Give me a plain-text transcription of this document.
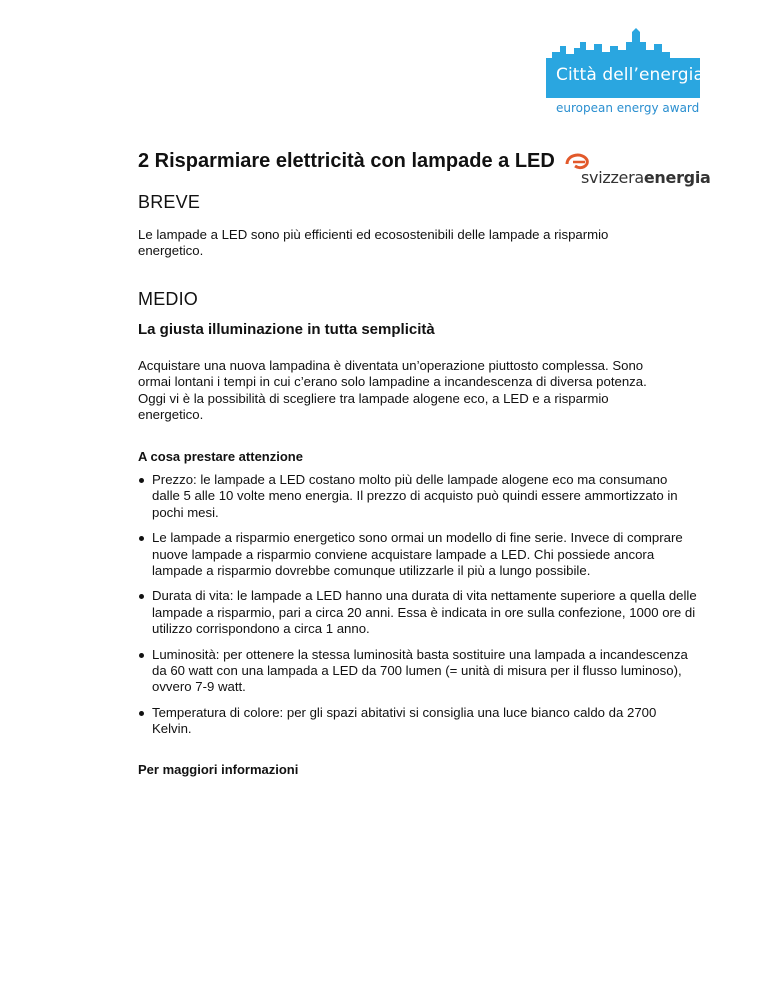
Città dell’energia
european energy award
svizzeraenergia
2 Risparmiare elettricità con lampade a LED
BREVE

Le lampade a LED sono più efficienti ed ecosostenibili delle lampade a risparmio energetico.

MEDIO
La giusta illuminazione in tutta semplicità

Acquistare una nuova lampadina è diventata un’operazione piuttosto complessa. Sono ormai lontani i tempi in cui c’erano solo lampadine a incandescenza di diversa potenza. Oggi vi è la possibilità di scegliere tra lampade alogene eco, a LED e a risparmio energetico.

A cosa prestare attenzione
Prezzo: le lampade a LED costano molto più delle lampade alogene eco ma consumano dalle 5 alle 10 volte meno energia. Il prezzo di acquisto può quindi essere ammortizzato in pochi mesi.
Le lampade a risparmio energetico sono ormai un modello di fine serie. Invece di comprare nuove lampade a risparmio conviene acquistare lampade a LED. Chi possiede ancora lampade a risparmio dovrebbe comunque utilizzarle il più a lungo possibile.
Durata di vita: le lampade a LED hanno una durata di vita nettamente superiore a quella delle lampade a risparmio, pari a circa 20 anni. Essa è indicata in ore sulla confezione, 1000 ore di utilizzo corrispondono a circa 1 anno.
Luminosità: per ottenere la stessa luminosità basta sostituire una lampada a incandescenza da 60 watt con una lampada a LED da 700 lumen (= unità di misura per il flusso luminoso), ovvero 7-9 watt.
Temperatura di colore: per gli spazi abitativi si consiglia una luce bianco caldo da 2700 Kelvin.
Per maggiori informazioni
